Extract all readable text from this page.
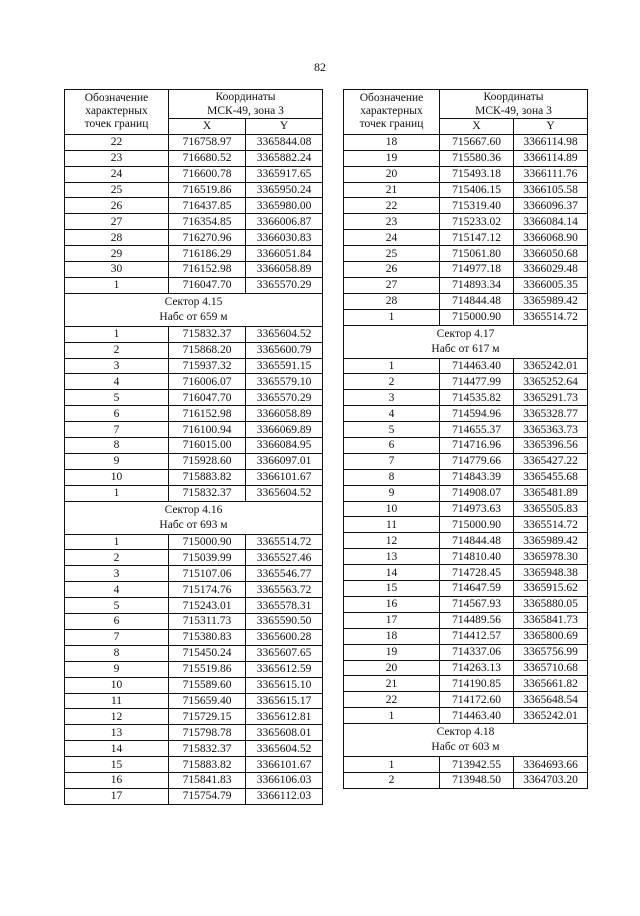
82
Обозначение
характерных
точек границ	Координаты
МСК-49, зона 3	
	X	Y
22	716758.97	3365844.08
23	716680.52	3365882.24
24	716600.78	3365917.65
25	716519.86	3365950.24
26	716437.85	3365980.00
27	716354.85	3366006.87
28	716270.96	3366030.83
29	716186.29	3366051.84
30	716152.98	3366058.89
1	716047.70	3365570.29
Сектор 4.15
Набс от 659 м		
1	715832.37	3365604.52
2	715868.20	3365600.79
3	715937.32	3365591.15
4	716006.07	3365579.10
5	716047.70	3365570.29
6	716152.98	3366058.89
7	716100.94	3366069.89
8	716015.00	3366084.95
9	715928.60	3366097.01
10	715883.82	3366101.67
1	715832.37	3365604.52
Сектор 4.16
Набс от 693 м		
1	715000.90	3365514.72
2	715039.99	3365527.46
3	715107.06	3365546.77
4	715174.76	3365563.72
5	715243.01	3365578.31
6	715311.73	3365590.50
7	715380.83	3365600.28
8	715450.24	3365607.65
9	715519.86	3365612.59
10	715589.60	3365615.10
11	715659.40	3365615.17
12	715729.15	3365612.81
13	715798.78	3365608.01
14	715832.37	3365604.52
15	715883.82	3366101.67
16	715841.83	3366106.03
17	715754.79	3366112.03
Обозначение
характерных
точек границ	Координаты
МСК-49, зона 3	
	X	Y
18	715667.60	3366114.98
19	715580.36	3366114.89
20	715493.18	3366111.76
21	715406.15	3366105.58
22	715319.40	3366096.37
23	715233.02	3366084.14
24	715147.12	3366068.90
25	715061.80	3366050.68
26	714977.18	3366029.48
27	714893.34	3366005.35
28	714844.48	3365989.42
1	715000.90	3365514.72
Сектор 4.17
Набс от 617 м		
1	714463.40	3365242.01
2	714477.99	3365252.64
3	714535.82	3365291.73
4	714594.96	3365328.77
5	714655.37	3365363.73
6	714716.96	3365396.56
7	714779.66	3365427.22
8	714843.39	3365455.68
9	714908.07	3365481.89
10	714973.63	3365505.83
11	715000.90	3365514.72
12	714844.48	3365989.42
13	714810.40	3365978.30
14	714728.45	3365948.38
15	714647.59	3365915.62
16	714567.93	3365880.05
17	714489.56	3365841.73
18	714412.57	3365800.69
19	714337.06	3365756.99
20	714263.13	3365710.68
21	714190.85	3365661.82
22	714172.60	3365648.54
1	714463.40	3365242.01
Сектор 4.18
Набс от 603 м		
1	713942.55	3364693.66
2	713948.50	3364703.20
